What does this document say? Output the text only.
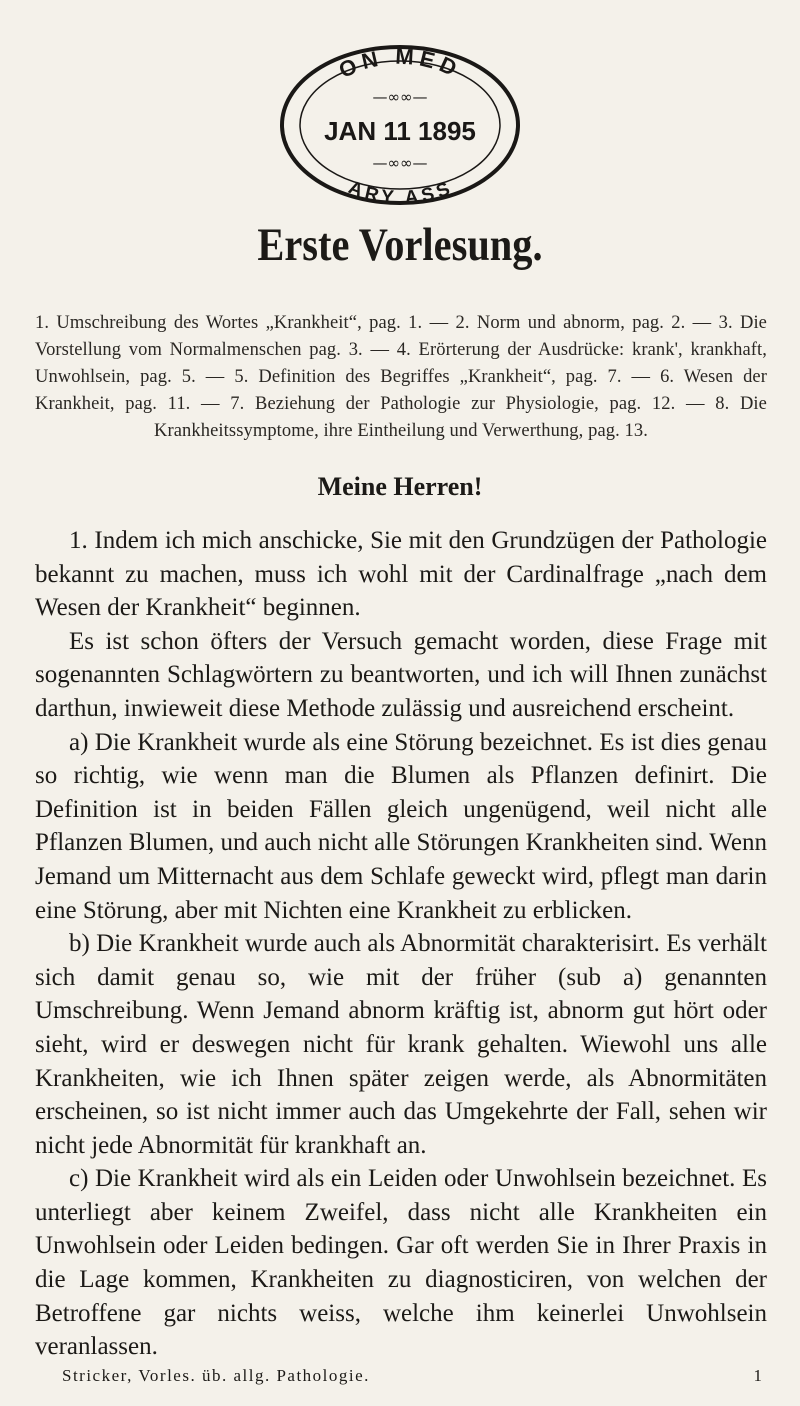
ON MED
ARY ASS
—∞∞—
JAN 11 1895
—∞∞—
Erste Vorlesung.
1. Umschreibung des Wortes „Krankheit“, pag. 1. — 2. Norm und abnorm, pag. 2. — 3. Die Vorstellung vom Normalmenschen pag. 3. — 4. Erörterung der Ausdrücke: krank', krankhaft, Unwohlsein, pag. 5. — 5. Definition des Begriffes „Krankheit“, pag. 7. — 6. Wesen der Krankheit, pag. 11. — 7. Beziehung der Pathologie zur Physiologie, pag. 12. — 8. Die Krankheitssymptome, ihre Eintheilung und Verwerthung, pag. 13.
Meine Herren!

1. Indem ich mich anschicke, Sie mit den Grundzügen der Pathologie bekannt zu machen, muss ich wohl mit der Cardinalfrage „nach dem Wesen der Krankheit“ beginnen.

Es ist schon öfters der Versuch gemacht worden, diese Frage mit sogenannten Schlagwörtern zu beantworten, und ich will Ihnen zunächst darthun, inwieweit diese Methode zulässig und ausreichend erscheint.

a) Die Krankheit wurde als eine Störung bezeichnet. Es ist dies genau so richtig, wie wenn man die Blumen als Pflanzen definirt. Die Definition ist in beiden Fällen gleich ungenügend, weil nicht alle Pflanzen Blumen, und auch nicht alle Störungen Krankheiten sind. Wenn Jemand um Mitternacht aus dem Schlafe geweckt wird, pflegt man darin eine Störung, aber mit Nichten eine Krankheit zu erblicken.

b) Die Krankheit wurde auch als Abnormität charakterisirt. Es verhält sich damit genau so, wie mit der früher (sub a) genannten Umschreibung. Wenn Jemand abnorm kräftig ist, abnorm gut hört oder sieht, wird er deswegen nicht für krank gehalten. Wiewohl uns alle Krankheiten, wie ich Ihnen später zeigen werde, als Abnormitäten erscheinen, so ist nicht immer auch das Umgekehrte der Fall, sehen wir nicht jede Abnormität für krankhaft an.

c) Die Krankheit wird als ein Leiden oder Unwohlsein bezeichnet. Es unterliegt aber keinem Zweifel, dass nicht alle Krankheiten ein Unwohlsein oder Leiden bedingen. Gar oft werden Sie in Ihrer Praxis in die Lage kommen, Krankheiten zu diagnosticiren, von welchen der Betroffene gar nichts weiss, welche ihm keinerlei Unwohlsein veranlassen.

Stricker, Vorles. üb. allg. Pathologie.	1
